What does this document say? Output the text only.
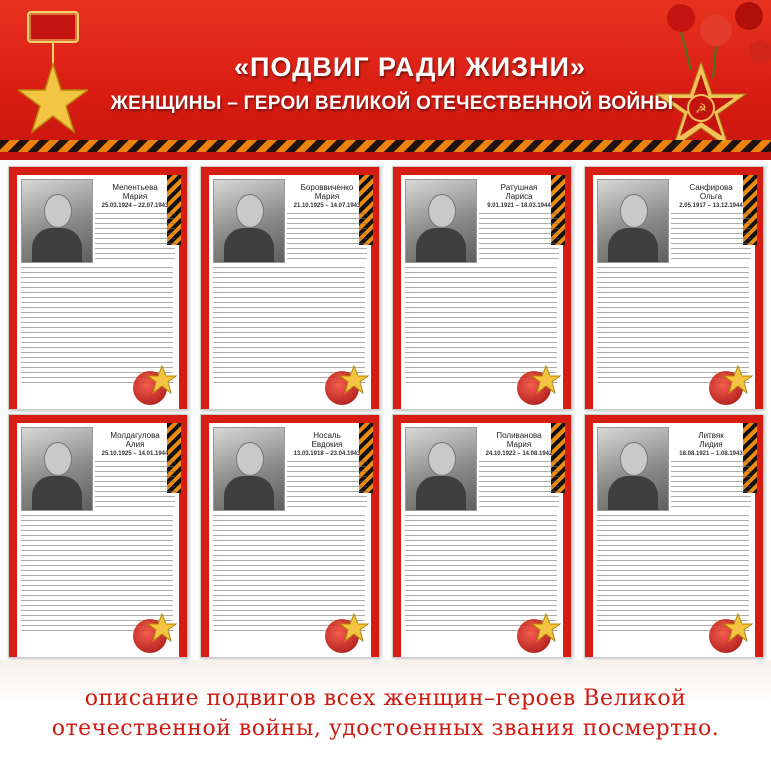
☭
«ПОДВИГ РАДИ ЖИЗНИ»
ЖЕНЩИНЫ – ГЕРОИ ВЕЛИКОЙ ОТЕЧЕСТВЕННОЙ ВОЙНЫ
Мелентьева
Мария
25.03.1924 – 22.07.1943
Бороввиченко
Мария
21.10.1925 – 14.07.1943
Ратушная
Лариса
9.01.1921 – 18.03.1944
Санфирова
Ольга
2.05.1917 – 13.12.1944
Молдагулова
Алия
25.10.1925 – 14.01.1944
Носаль
Евдокия
13.03.1918 – 23.04.1943
Поливанова
Мария
24.10.1922 – 14.08.1942
Литвяк
Лидия
18.08.1921 – 1.08.1943
описание подвигов всех женщин–героев Великой
отечественной войны, удостоенных звания посмертно.
